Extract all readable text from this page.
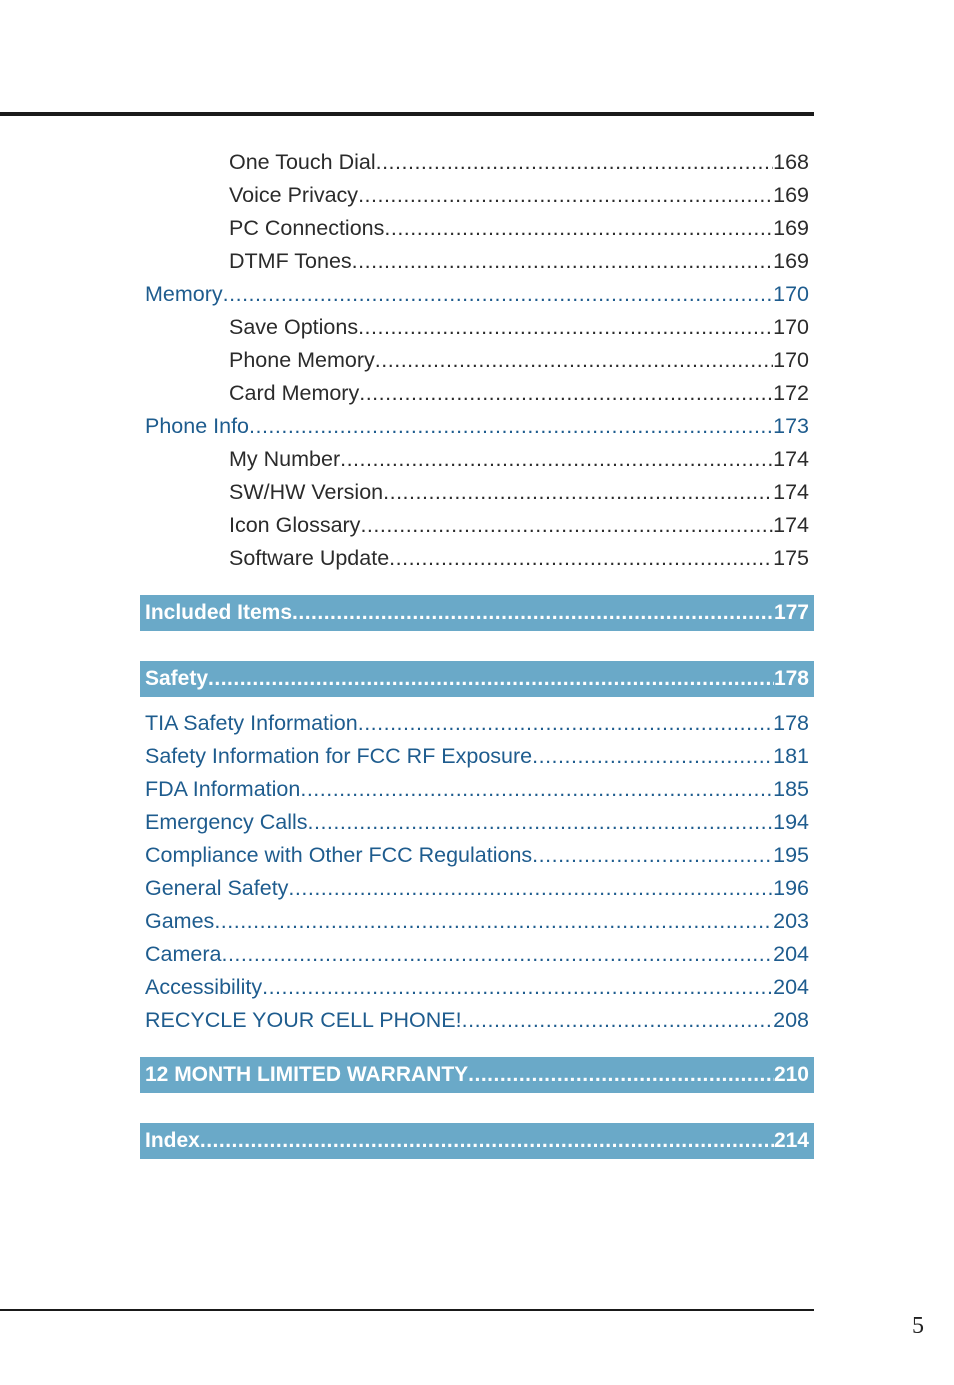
One Touch Dial .....	168
Voice Privacy .....	169
PC Connections .....	169
DTMF Tones .....	169
Memory .....	170
Save Options .....	170
Phone Memory .....	170
Card Memory .....	172
Phone Info .....	173
My Number .....	174
SW/HW Version .....	174
Icon Glossary .....	174
Software Update .....	175
Included Items .....	177
Safety .....	178
TIA Safety Information .....	178
Safety Information for FCC RF Exposure .....	181
FDA Information .....	185
Emergency Calls .....	194
Compliance with Other FCC Regulations .....	195
General Safety .....	196
Games .....	203
Camera .....	204
Accessibility .....	204
RECYCLE YOUR CELL PHONE! .....	208
12 MONTH LIMITED WARRANTY .....	210
Index .....	214
5
